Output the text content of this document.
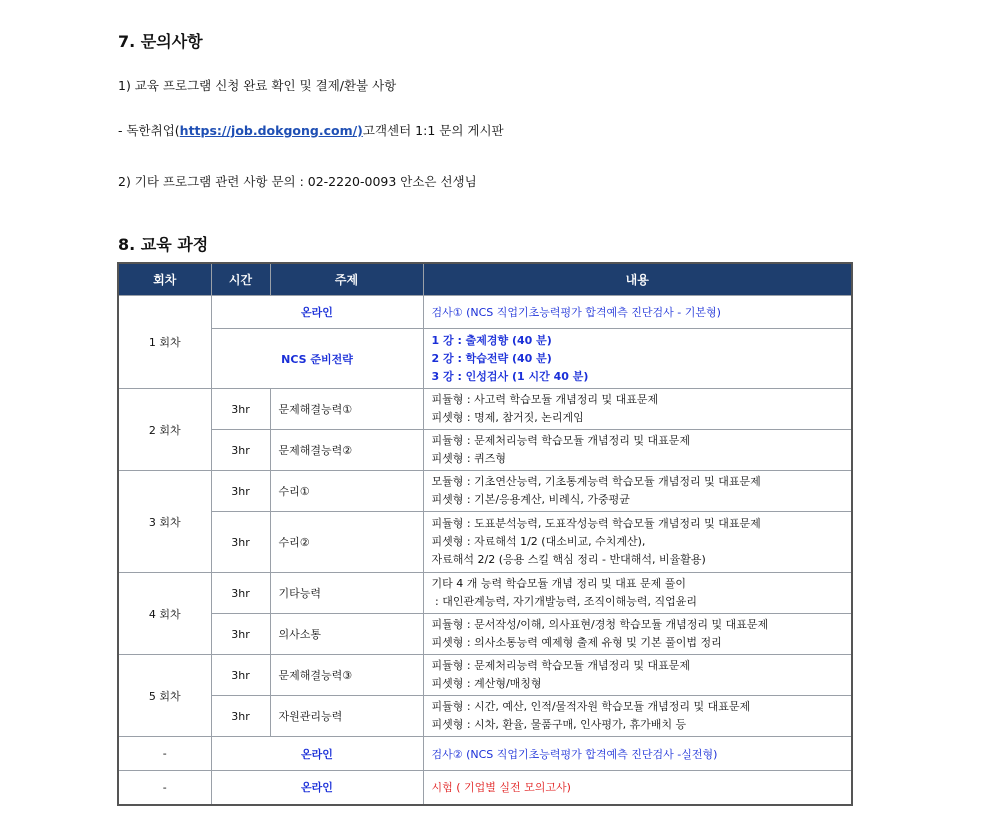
7. 문의사항
1) 교육 프로그램 신청 완료 확인 및 결제/환불 사항
- 독한취업(https://job.dokgong.com/)고객센터 1:1 문의 게시판
2) 기타 프로그램 관련 사항 문의 : 02-2220-0093 안소은 선생님
8. 교육 과정
회차	시간	주제	내용
1 회차	온라인		검사① (NCS 직업기초능력평가 합격예측 진단검사 - 기본형)
	NCS 준비전략		1 강 : 출제경향 (40 분)
2 강 : 학습전략 (40 분)
3 강 : 인성검사 (1 시간 40 분)

2 회차	3hr	문제해결능력①	피듈형 : 사고력 학습모듈 개념정리 및 대표문제
피셋형 : 명제, 참거짓, 논리게임

	3hr	문제해결능력②	피듈형 : 문제처리능력 학습모듈 개념정리 및 대표문제
피셋형 : 퀴즈형

3 회차	3hr	수리①	모듈형 : 기초연산능력, 기초통계능력 학습모듈 개념정리 및 대표문제
피셋형 : 기본/응용계산, 비례식, 가중평균

	3hr	수리②	피듈형 : 도표분석능력, 도표작성능력 학습모듈 개념정리 및 대표문제
피셋형 : 자료해석 1/2 (대소비교, 수치계산),
자료해석 2/2 (응용 스킬 핵심 정리 - 반대해석, 비율활용)

4 회차	3hr	기타능력	기타 4 개 능력 학습모듈 개념 정리 및 대표 문제 풀이
: 대인관계능력, 자기개발능력, 조직이해능력, 직업윤리

	3hr	의사소통	피듈형 : 문서작성/이해, 의사표현/경청 학습모듈 개념정리 및 대표문제
피셋형 : 의사소통능력 예제형 출제 유형 및 기본 풀이법 정리

5 회차	3hr	문제해결능력③	피듈형 : 문제처리능력 학습모듈 개념정리 및 대표문제
피셋형 : 계산형/매칭형

	3hr	자원관리능력	피듈형 : 시간, 예산, 인적/물적자원 학습모듈 개념정리 및 대표문제
피셋형 : 시차, 환율, 물품구매, 인사평가, 휴가배치 등

-	온라인		검사② (NCS 직업기초능력평가 합격예측 진단검사 -실전형)
-	온라인		시험 ( 기업별 실전 모의고사)
